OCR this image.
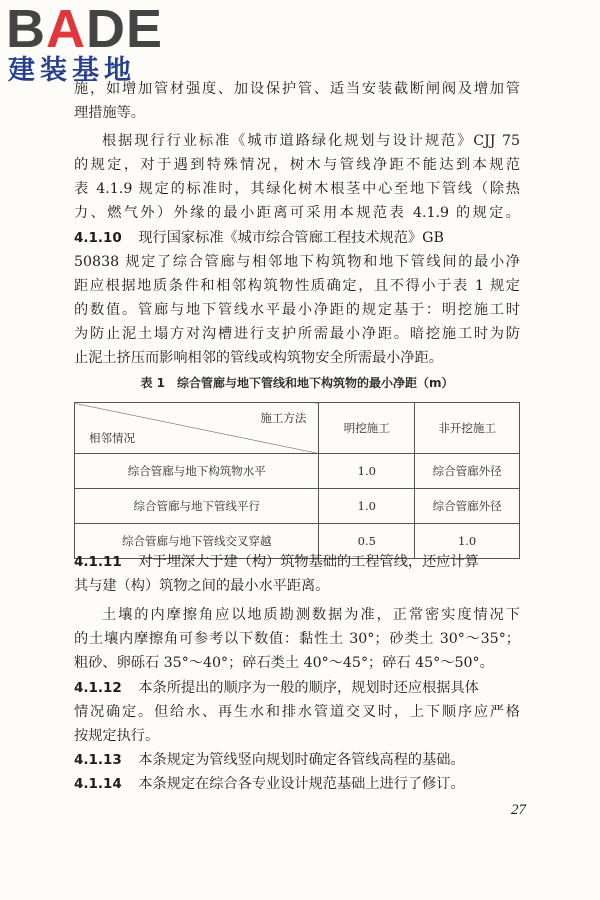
BADE
建装基地
施，如增加管材强度、加设保护管、适当安装截断闸阀及增加管
理措施等。
根据现行行业标准《城市道路绿化规划与设计规范》CJJ 75
的规定，对于遇到特殊情况，树木与管线净距不能达到本规范
表 4.1.9 规定的标准时，其绿化树木根茎中心至地下管线（除热
力、燃气外）外缘的最小距离可采用本规范表 4.1.9 的规定。
4.1.10 现行国家标准《城市综合管廊工程技术规范》GB
50838 规定了综合管廊与相邻地下构筑物和地下管线间的最小净
距应根据地质条件和相邻构筑物性质确定，且不得小于表 1 规定
的数值。管廊与地下管线水平最小净距的规定基于：明挖施工时
为防止泥土塌方对沟槽进行支护所需最小净距。暗挖施工时为防
止泥土挤压而影响相邻的管线或构筑物安全所需最小净距。
表 1　综合管廊与地下管线和地下构筑物的最小净距（m）
施工方法
相邻情况	明挖施工	非开挖施工
综合管廊与地下构筑物水平	1.0	综合管廊外径
综合管廊与地下管线平行	1.0	综合管廊外径
综合管廊与地下管线交叉穿越	0.5	1.0
4.1.11 对于埋深大于建（构）筑物基础的工程管线，还应计算
其与建（构）筑物之间的最小水平距离。
土壤的内摩擦角应以地质勘测数据为准，正常密实度情况下
的土壤内摩擦角可参考以下数值：黏性土 30°；砂类土 30°～35°；
粗砂、卵砾石 35°～40°；碎石类土 40°～45°；碎石 45°～50°。
4.1.12 本条所提出的顺序为一般的顺序，规划时还应根据具体
情况确定。但给水、再生水和排水管道交叉时，上下顺序应严格
按规定执行。
4.1.13 本条规定为管线竖向规划时确定各管线高程的基础。
4.1.14 本条规定在综合各专业设计规范基础上进行了修订。
27
